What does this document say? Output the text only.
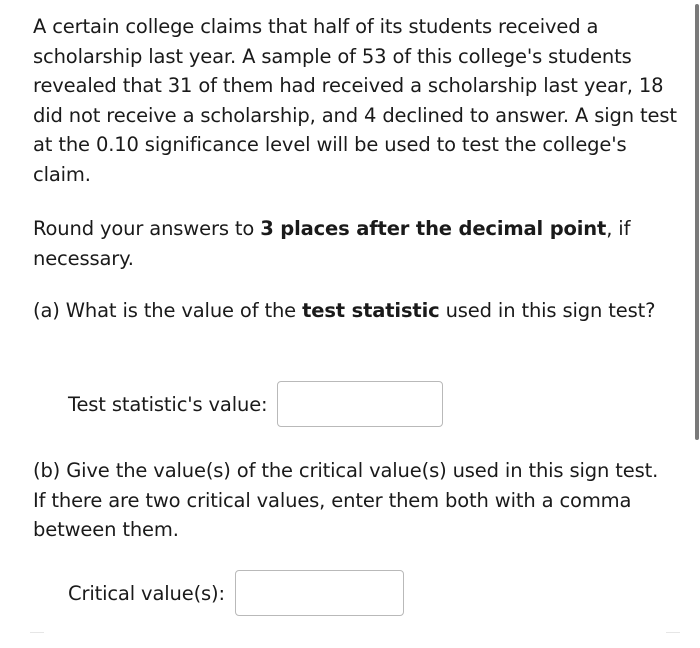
A certain college claims that half of its students received a scholarship last year. A sample of 53 of this college's students revealed that 31 of them had received a scholarship last year, 18 did not receive a scholarship, and 4 declined to answer. A sign test at the 0.10 significance level will be used to test the college's claim.

Round your answers to 3 places after the decimal point, if necessary.

(a) What is the value of the test statistic used in this sign test?

Test statistic's value:

(b) Give the value(s) of the critical value(s) used in this sign test. If there are two critical values, enter them both with a comma between them.

Critical value(s):
